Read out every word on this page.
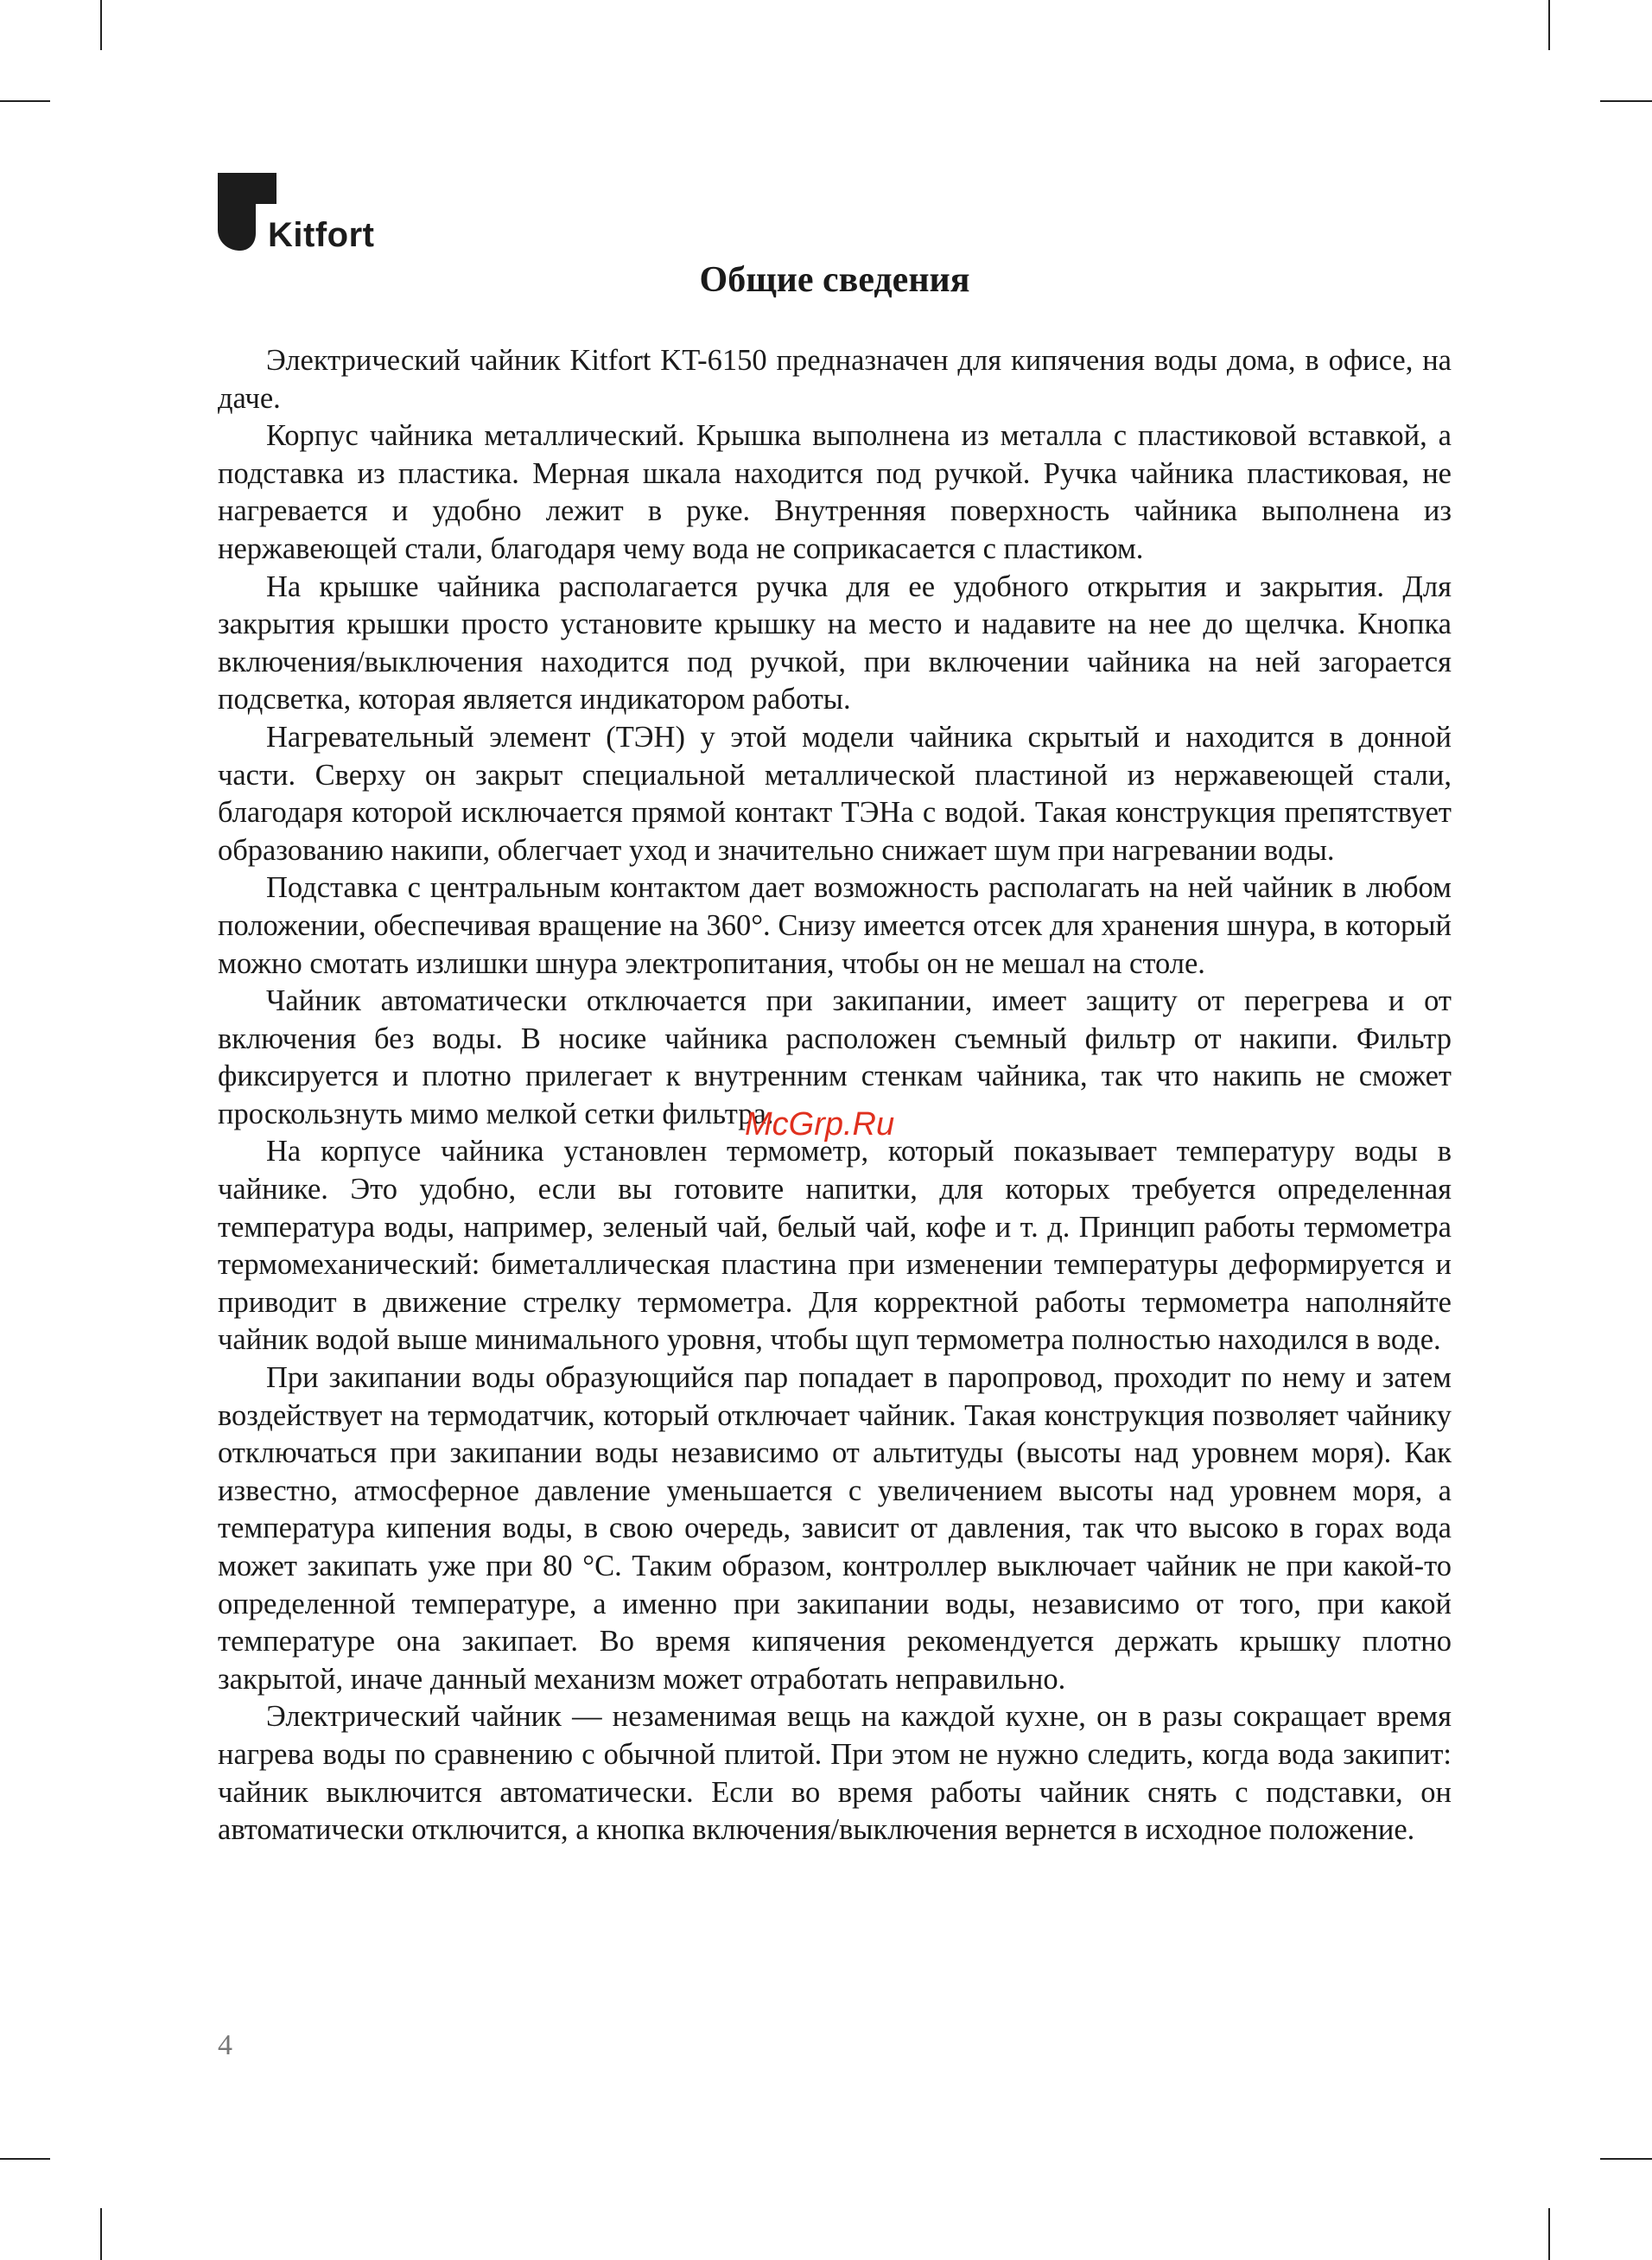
Kitfort
Общие сведения

Электрический чайник Kitfort KT-6150 предназначен для кипячения воды дома, в офисе, на даче.

Корпус чайника металлический. Крышка выполнена из металла с пластиковой вставкой, а подставка из пластика. Мерная шкала находится под ручкой. Ручка чайника пластиковая, не нагревается и удобно лежит в руке. Внутренняя поверхность чайника выполнена из нержавеющей стали, благодаря чему вода не соприкасается с пластиком.

На крышке чайника располагается ручка для ее удобного открытия и закрытия. Для закрытия крышки просто установите крышку на место и надавите на нее до щелчка. Кнопка включения/выключения находится под ручкой, при включении чайника на ней загорается подсветка, которая является индикатором работы.

Нагревательный элемент (ТЭН) у этой модели чайника скрытый и находится в донной части. Сверху он закрыт специальной металлической пластиной из нержавеющей стали, благодаря которой исключается прямой контакт ТЭНа с водой. Такая конструкция препятствует образованию накипи, облегчает уход и значительно снижает шум при нагревании воды.

Подставка с центральным контактом дает возможность располагать на ней чайник в любом положении, обеспечивая вращение на 360°. Снизу имеется отсек для хранения шнура, в который можно смотать излишки шнура электропитания, чтобы он не мешал на столе.

Чайник автоматически отключается при закипании, имеет защиту от перегрева и от включения без воды. В носике чайника расположен съемный фильтр от накипи. Фильтр фиксируется и плотно прилегает к внутренним стенкам чайника, так что накипь не сможет проскользнуть мимо мелкой сетки фильтра.

На корпусе чайника установлен термометр, который показывает температуру воды в чайнике. Это удобно, если вы готовите напитки, для которых требуется определенная температура воды, например, зеленый чай, белый чай, кофе и т. д. Принцип работы термометра термомеханический: биметаллическая пластина при изменении температуры деформируется и приводит в движение стрелку термометра. Для корректной работы термометра наполняйте чайник водой выше минимального уровня, чтобы щуп термометра полностью находился в воде.

При закипании воды образующийся пар попадает в паропровод, проходит по нему и затем воздействует на термодатчик, который отключает чайник. Такая конструкция позволяет чайнику отключаться при закипании воды независимо от альтитуды (высоты над уровнем моря). Как известно, атмосферное давление уменьшается с увеличением высоты над уровнем моря, а температура кипения воды, в свою очередь, зависит от давления, так что высоко в горах вода может закипать уже при 80 °С. Таким образом, контроллер выключает чайник не при какой-то определенной температуре, а именно при закипании воды, независимо от того, при какой температуре она закипает. Во время кипячения рекомендуется держать крышку плотно закрытой, иначе данный механизм может отработать неправильно.

Электрический чайник — незаменимая вещь на каждой кухне, он в разы сокращает время нагрева воды по сравнению с обычной плитой. При этом не нужно следить, когда вода закипит: чайник выключится автоматически. Если во время работы чайник снять с подставки, он автоматически отключится, а кнопка включения/выключения вернется в исходное положение.

McGrp.Ru
4
